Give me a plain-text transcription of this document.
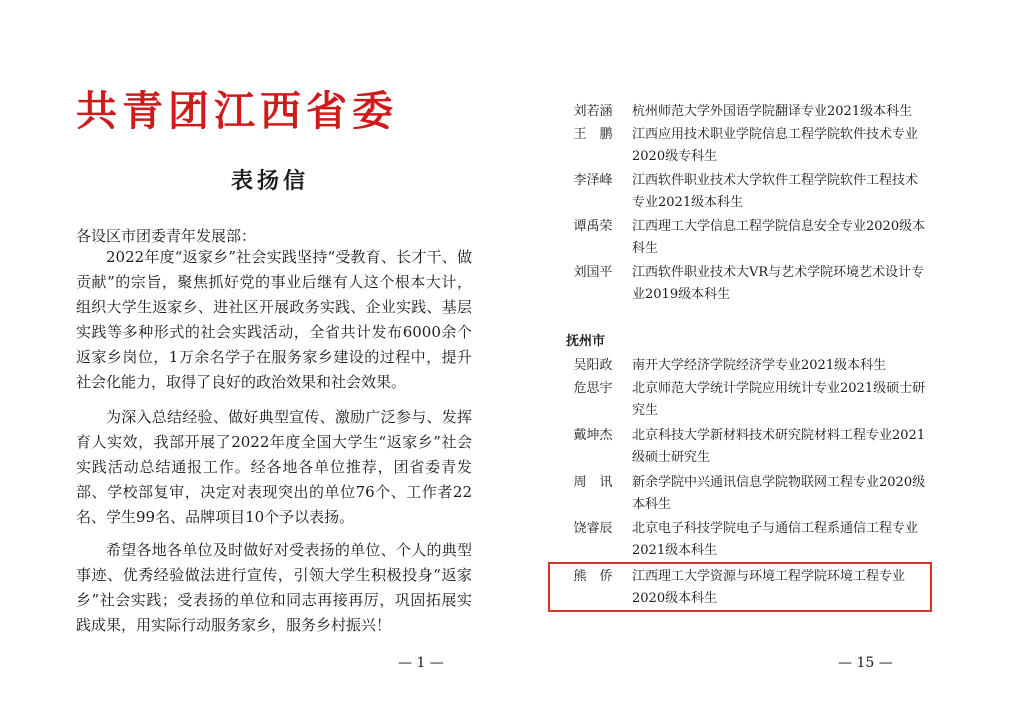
共青团江西省委
表扬信
各设区市团委青年发展部：

2022年度“返家乡”社会实践坚持“受教育、长才干、做贡献”的宗旨，聚焦抓好党的事业后继有人这个根本大计，组织大学生返家乡、进社区开展政务实践、企业实践、基层实践等多种形式的社会实践活动，全省共计发布6000余个返家乡岗位，1万余名学子在服务家乡建设的过程中，提升社会化能力，取得了良好的政治效果和社会效果。

为深入总结经验、做好典型宣传、激励广泛参与、发挥育人实效，我部开展了2022年度全国大学生“返家乡”社会实践活动总结通报工作。经各地各单位推荐，团省委青发部、学校部复审，决定对表现突出的单位76个、工作者22名、学生99名、品牌项目10个予以表扬。

希望各地各单位及时做好对受表扬的单位、个人的典型事迹、优秀经验做法进行宣传，引领大学生积极投身“返家乡”社会实践；受表扬的单位和同志再接再厉，巩固拓展实践成果，用实际行动服务家乡，服务乡村振兴！

— 1 —
刘若涵	杭州师范大学外国语学院翻译专业2021级本科生
王　鹏	江西应用技术职业学院信息工程学院软件技术专业2020级专科生
李泽峰	江西软件职业技术大学软件工程学院软件工程技术专业2021级本科生
谭禹荣	江西理工大学信息工程学院信息安全专业2020级本科生
刘国平	江西软件职业技术大VR与艺术学院环境艺术设计专业2019级本科生
抚州市
吴阳政	南开大学经济学院经济学专业2021级本科生
危思宇	北京师范大学统计学院应用统计专业2021级硕士研究生
戴坤杰	北京科技大学新材料技术研究院材料工程专业2021级硕士研究生
周　讯	新余学院中兴通讯信息学院物联网工程专业2020级本科生
饶睿辰	北京电子科技学院电子与通信工程系通信工程专业2021级本科生
熊　侨	江西理工大学资源与环境工程学院环境工程专业2020级本科生
— 15 —
